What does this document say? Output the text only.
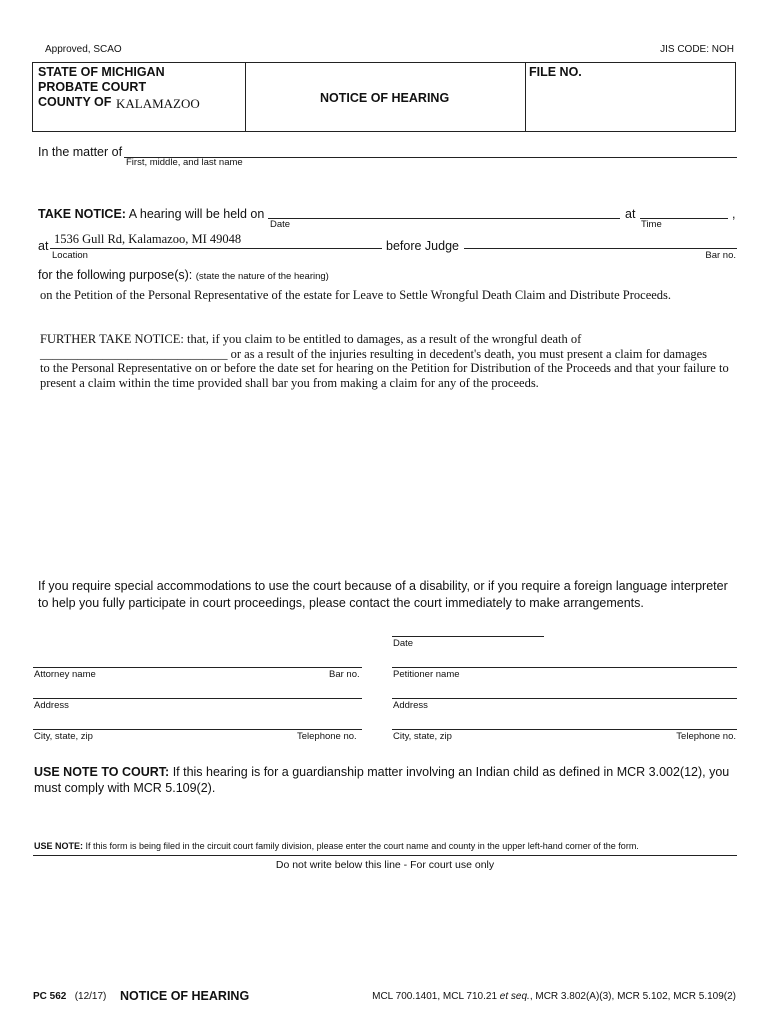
Approved, SCAO	JIS CODE: NOH
STATE OF MICHIGAN
PROBATE COURT
COUNTY OF KALAMAZOO	NOTICE OF HEARING
FILE NO.
In the matter of
First, middle, and last name
TAKE NOTICE: A hearing will be held on
Date
at
Time
,
at 1536 Gull Rd, Kalamazoo, MI 49048
Location
before Judge
Bar no.
for the following purpose(s): (state the nature of the hearing)
on the Petition of the Personal Representative of the estate for Leave to Settle Wrongful Death Claim and Distribute Proceeds.
FURTHER TAKE NOTICE: that, if you claim to be entitled to damages, as a result of the wrongful death of
______________________________ or as a result of the injuries resulting in decedent's death, you must present a claim for damages
to the Personal Representative on or before the date set for hearing on the Petition for Distribution of the Proceeds and that your failure to
present a claim within the time provided shall bar you from making a claim for any of the proceeds.
If you require special accommodations to use the court because of a disability, or if you require a foreign language interpreter
to help you fully participate in court proceedings, please contact the court immediately to make arrangements.
Date
Attorney name	Bar no.	Petitioner name
Address	Address
City, state, zip	Telephone no.	City, state, zip	Telephone no.
USE NOTE TO COURT: If this hearing is for a guardianship matter involving an Indian child as defined in MCR 3.002(12), you
must comply with MCR 5.109(2).
USE NOTE: If this form is being filed in the circuit court family division, please enter the court name and county in the upper left-hand corner of the form.
Do not write below this line - For court use only
PC 562 (12/17) NOTICE OF HEARING	MCL 700.1401, MCL 710.21 et seq., MCR 3.802(A)(3), MCR 5.102, MCR 5.109(2)
